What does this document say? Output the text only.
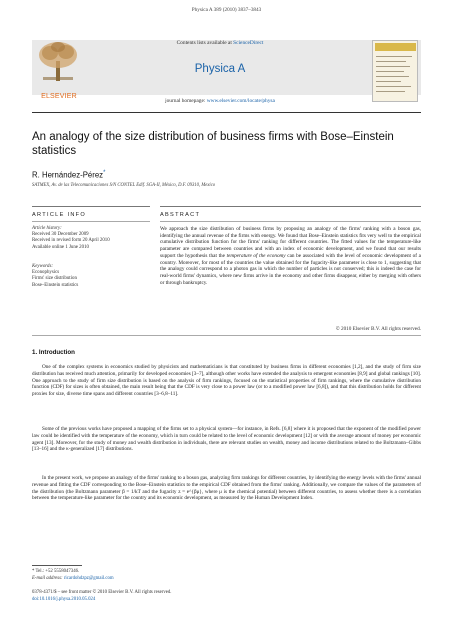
Physica A 389 (2010) 3837–3843
ELSEVIER
Contents lists available at ScienceDirect
Physica A
journal homepage: www.elsevier.com/locate/physa
An analogy of the size distribution of business firms with Bose–Einstein statistics
R. Hernández-Pérez*
SATMEX, Av. de las Telecomunicaciones S/N CONTEL Edif. SGA-II, México, D.F. 09310, Mexico
ARTICLE INFO	ABSTRACT
Article history:
Received 30 December 2009
Received in revised form 20 April 2010
Available online 1 June 2010
Keywords:
Econophysics
Firms' size distribution
Bose–Einstein statistics
We approach the size distribution of business firms by proposing an analogy of the firms' ranking with a boson gas, identifying the annual revenue of the firms with energy. We found that Bose–Einstein statistics fits very well to the empirical cumulative distribution function for the firms' ranking for different countries. The fitted values for the temperature-like parameter are compared between countries and with an index of economic development, and we found that our results support the hypothesis that the temperature of the economy can be associated with the level of economic development of a country. Moreover, for most of the countries the value obtained for the fugacity-like parameter is close to 1, suggesting that the analogy could correspond to a photon gas in which the number of particles is not conserved; this is indeed the case for real-world firms' dynamics, where new firms arrive in the economy and other firms disappear, either by merging with others or through bankruptcy.
© 2010 Elsevier B.V. All rights reserved.
1. Introduction
One of the complex systems in economics studied by physicists and mathematicians is that constituted by business firms in different economies [1,2], and the study of firm size distribution has received much attention, primarily for developed economies [3–7], although other works have extended the analysis to emergent economies [8,9] and global rankings [10]. One approach to the study of firm size distribution is based on the analysis of firm rankings, focused on the statistical properties of firm rankings, where the cumulative distribution function (CDF) for sizes is often obtained, the main result being that the CDF is very close to a power law (or to a modified power law [6,8]), and that this distribution holds for different proxies for size, diverse time spans and different countries [3–6,8–11].
Some of the previous works have proposed a mapping of the firms set to a physical system—for instance, in Refs. [6,8] where it is proposed that the exponent of the modified power law could be identified with the temperature of the economy, which in turn could be related to the level of economic development [12] or with the average amount of money per economic agent [13]. Moreover, for the study of money and wealth distribution in individuals, there are relevant studies on wealth, money and income distributions related to the Boltzmann–Gibbs [13–16] and the κ-generalized [17] distributions.
In the present work, we propose an analogy of the firms' ranking to a boson gas, analyzing firm rankings for different countries, by identifying the energy levels with the firms' annual revenue and fitting the CDF corresponding to the Bose–Einstein statistics to the empirical CDF obtained from the firms' ranking. Additionally, we compare the values of the parameters of the distribution (the Boltzmann parameter β = 1/kT and the fugacity z = e^{βμ}, where μ is the chemical potential) between different countries, to assess whether there is a correlation between the temperature-like parameter for the country and its economic development, as measured by the Human Development Index.
* Tel.: +52 5558047346.
E-mail address: ricardohdzpz@gmail.com
0378-4371/$ – see front matter © 2010 Elsevier B.V. All rights reserved.
doi:10.1016/j.physa.2010.05.024
